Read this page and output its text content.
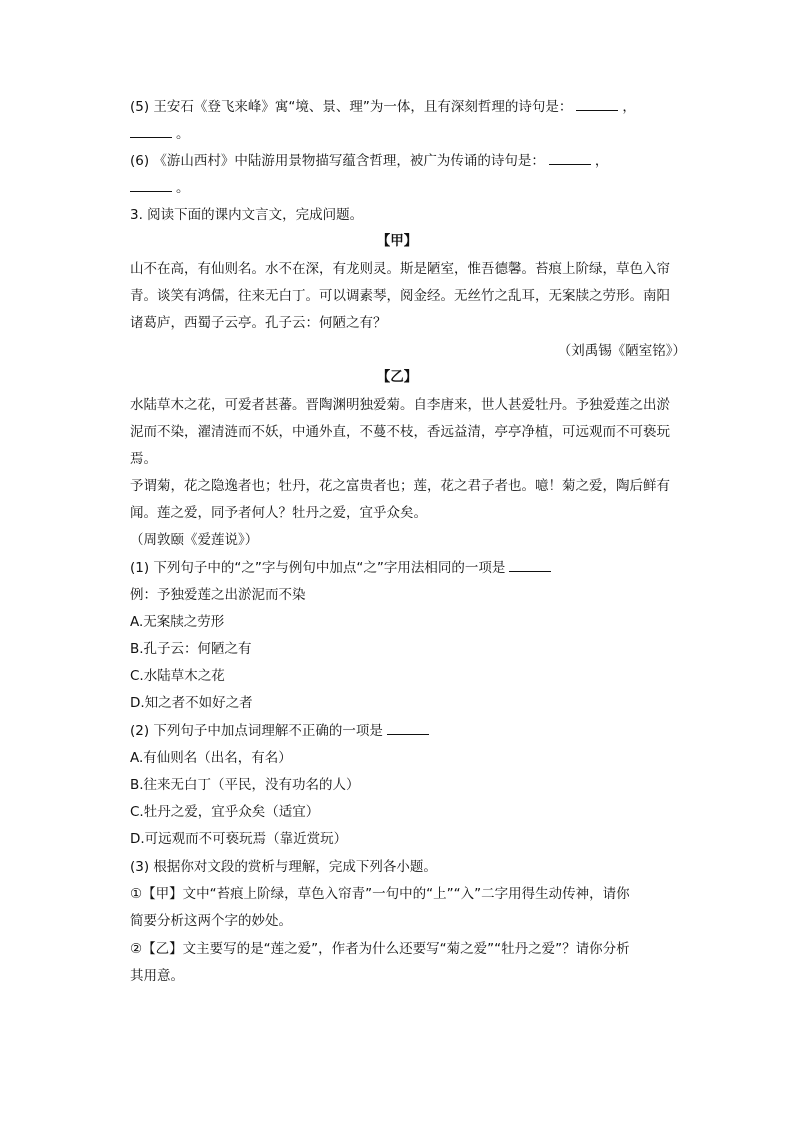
(5) 王安石《登飞来峰》寓“境、景、理”为一体，且有深刻哲理的诗句是：	，
。
(6) 《游山西村》中陆游用景物描写蕴含哲理，被广为传诵的诗句是：	，
。
3. 阅读下面的课内文言文，完成问题。
【甲】
山不在高，有仙则名。水不在深，有龙则灵。斯是陋室，惟吾德馨。苔痕上阶绿，草色入帘
青。谈笑有鸿儒，往来无白丁。可以调素琴，阅金经。无丝竹之乱耳，无案牍之劳形。南阳
诸葛庐，西蜀子云亭。孔子云：何陋之有？
（刘禹锡《陋室铭》）
【乙】
水陆草木之花，可爱者甚蕃。晋陶渊明独爱菊。自李唐来，世人甚爱牡丹。予独爱莲之出淤
泥而不染，濯清涟而不妖，中通外直，不蔓不枝，香远益清，亭亭净植，可远观而不可亵玩
焉。
予谓菊，花之隐逸者也；牡丹，花之富贵者也；莲，花之君子者也。噫！菊之爱，陶后鲜有
闻。莲之爱，同予者何人？牡丹之爱，宜乎众矣。
（周敦颐《爱莲说》）
(1) 下列句子中的“之”字与例句中加点“之”字用法相同的一项是
例：予独爱莲之出淤泥而不染
A.无案牍之劳形
B.孔子云：何陋之有
C.水陆草木之花
D.知之者不如好之者
(2) 下列句子中加点词理解不正确的一项是
A.有仙则名（出名，有名）
B.往来无白丁（平民，没有功名的人）
C.牡丹之爱，宜乎众矣（适宜）
D.可远观而不可亵玩焉（靠近赏玩）
(3) 根据你对文段的赏析与理解，完成下列各小题。
①【甲】文中“苔痕上阶绿，草色入帘青”一句中的“上”“入”二字用得生动传神，请你
简要分析这两个字的妙处。
②【乙】文主要写的是“莲之爱”，作者为什么还要写“菊之爱”“牡丹之爱”？请你分析
其用意。
